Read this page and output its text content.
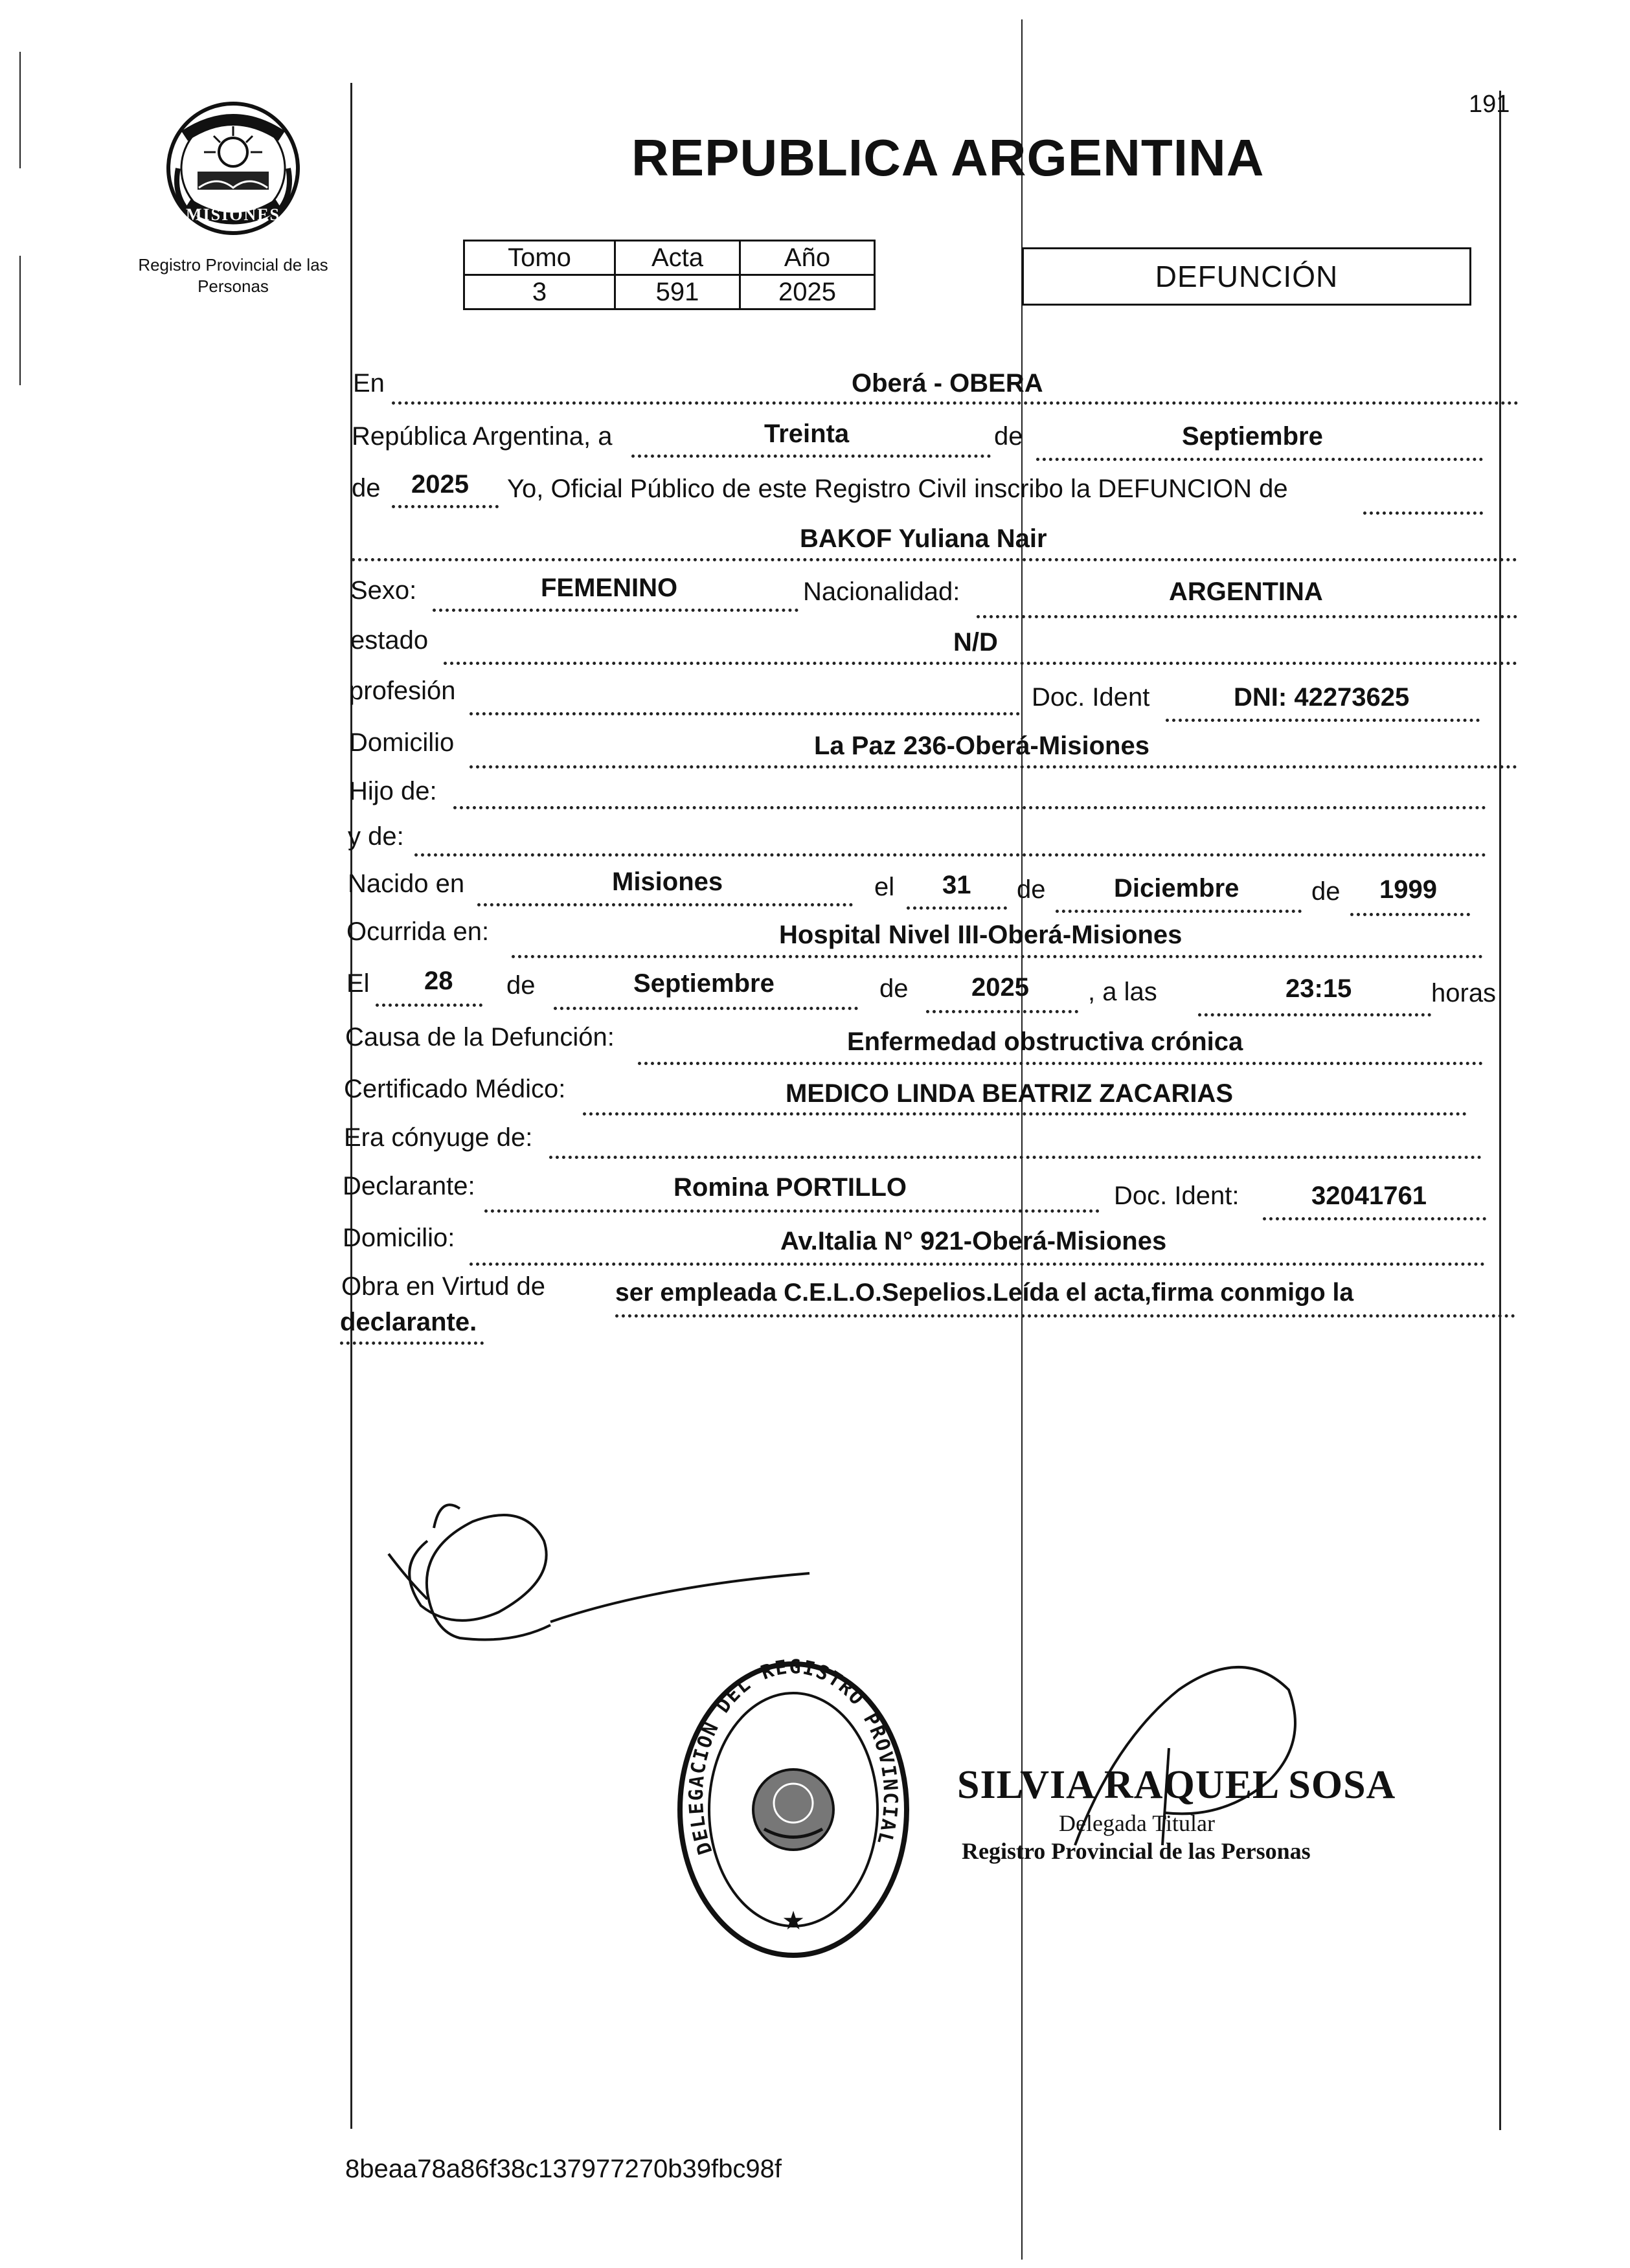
191
MISIONES
Registro Provincial de las Personas
REPUBLICA ARGENTINA
Tomo	Acta	Año
3	591	2025	DEFUNCIÓN
En	Oberá - OBERA
República Argentina, a	Treinta	de	Septiembre
de 2025 Yo, Oficial Público de este Registro Civil inscribo la DEFUNCION de
BAKOF Yuliana Nair
Sexo:	FEMENINO	Nacionalidad:	ARGENTINA
estado	N/D
profesión	Doc. Ident	DNI: 42273625
Domicilio	La Paz 236-Oberá-Misiones
Hijo de:
y de:
Nacido en	Misiones	el 31 de	Diciembre	de 1999
Ocurrida en:	Hospital Nivel III-Oberá-Misiones
El 28 de	Septiembre	de 2025 , a las	23:15	horas
Causa de la Defunción:	Enfermedad obstructiva crónica
Certificado Médico:	MEDICO LINDA BEATRIZ ZACARIAS
Era cónyuge de:
Declarante:	Romina PORTILLO	Doc. Ident:	32041761
Domicilio:	Av.Italia N° 921-Oberá-Misiones
Obra en Virtud de	ser empleada C.E.L.O.Sepelios.Leída el acta,firma conmigo la
declarante.
DELEGACION DEL REGISTRO PROVINCIAL
★
SILVIA RAQUEL SOSA
Delegada Titular
Registro Provincial de las Personas
8beaa78a86f38c137977270b39fbc98f
